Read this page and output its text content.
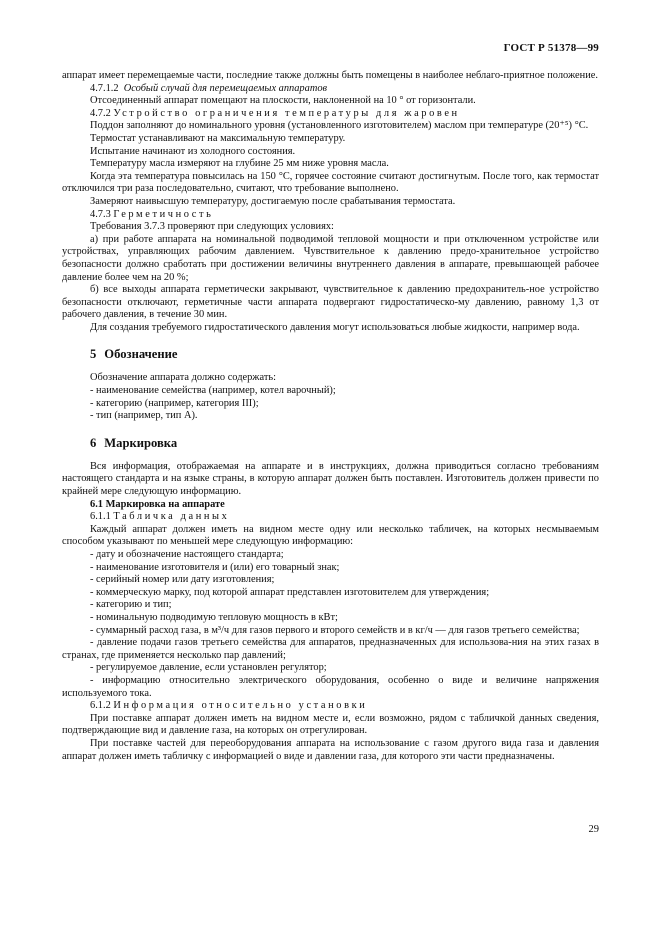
ГОСТ Р 51378—99

аппарат имеет перемещаемые части, последние также должны быть помещены в наиболее неблаго-приятное положение.

4.7.1.2 Особый случай для перемещаемых аппаратов

Отсоединенный аппарат помещают на плоскости, наклоненной на 10 ° от горизонтали.

4.7.2 Устройство ограничения температуры для жаровен

Поддон заполняют до номинального уровня (установленного изготовителем) маслом при температуре (20⁺⁵) °С.

Термостат устанавливают на максимальную температуру.

Испытание начинают из холодного состояния.

Температуру масла измеряют на глубине 25 мм ниже уровня масла.

Когда эта температура повысилась на 150 °С, горячее состояние считают достигнутым. После того, как термостат отключился три раза последовательно, считают, что требование выполнено.

Замеряют наивысшую температуру, достигаемую после срабатывания термостата.

4.7.3 Герметичность

Требования 3.7.3 проверяют при следующих условиях:

а) при работе аппарата на номинальной подводимой тепловой мощности и при отключенном устройстве или устройствах, управляющих рабочим давлением. Чувствительное к давлению предо-хранительное устройство безопасности должно сработать при достижении величины внутреннего давления в аппарате, превышающей рабочее давление более чем на 20 %;

б) все выходы аппарата герметически закрывают, чувствительное к давлению предохранитель-ное устройство безопасности отключают, герметичные части аппарата подвергают гидростатическо-му давлению, равному 1,3 от рабочего давления, в течение 30 мин.

Для создания требуемого гидростатического давления могут использоваться любые жидкости, например вода.

5 Обозначение

Обозначение аппарата должно содержать:

- наименование семейства (например, котел варочный);

- категорию (например, категория III);

- тип (например, тип А).

6 Маркировка

Вся информация, отображаемая на аппарате и в инструкциях, должна приводиться согласно требованиям настоящего стандарта и на языке страны, в которую аппарат должен быть поставлен. Изготовитель должен привести по крайней мере следующую информацию.

6.1 Маркировка на аппарате

6.1.1 Табличка данных

Каждый аппарат должен иметь на видном месте одну или несколько табличек, на которых несмываемым способом указывают по меньшей мере следующую информацию:

- дату и обозначение настоящего стандарта;

- наименование изготовителя и (или) его товарный знак;

- серийный номер или дату изготовления;

- коммерческую марку, под которой аппарат представлен изготовителем для утверждения;

- категорию и тип;

- номинальную подводимую тепловую мощность в кВт;

- суммарный расход газа, в м³/ч для газов первого и второго семейств и в кг/ч — для газов третьего семейства;

- давление подачи газов третьего семейства для аппаратов, предназначенных для использова-ния на этих газах в странах, где применяется несколько пар давлений;

- регулируемое давление, если установлен регулятор;

- информацию относительно электрического оборудования, особенно о виде и величине напряжения используемого тока.

6.1.2 Информация относительно установки

При поставке аппарат должен иметь на видном месте и, если возможно, рядом с табличкой данных сведения, подтверждающие вид и давление газа, на которых он отрегулирован.

При поставке частей для переоборудования аппарата на использование с газом другого вида газа и давления аппарат должен иметь табличку с информацией о виде и давлении газа, для которого эти части предназначены.

29
